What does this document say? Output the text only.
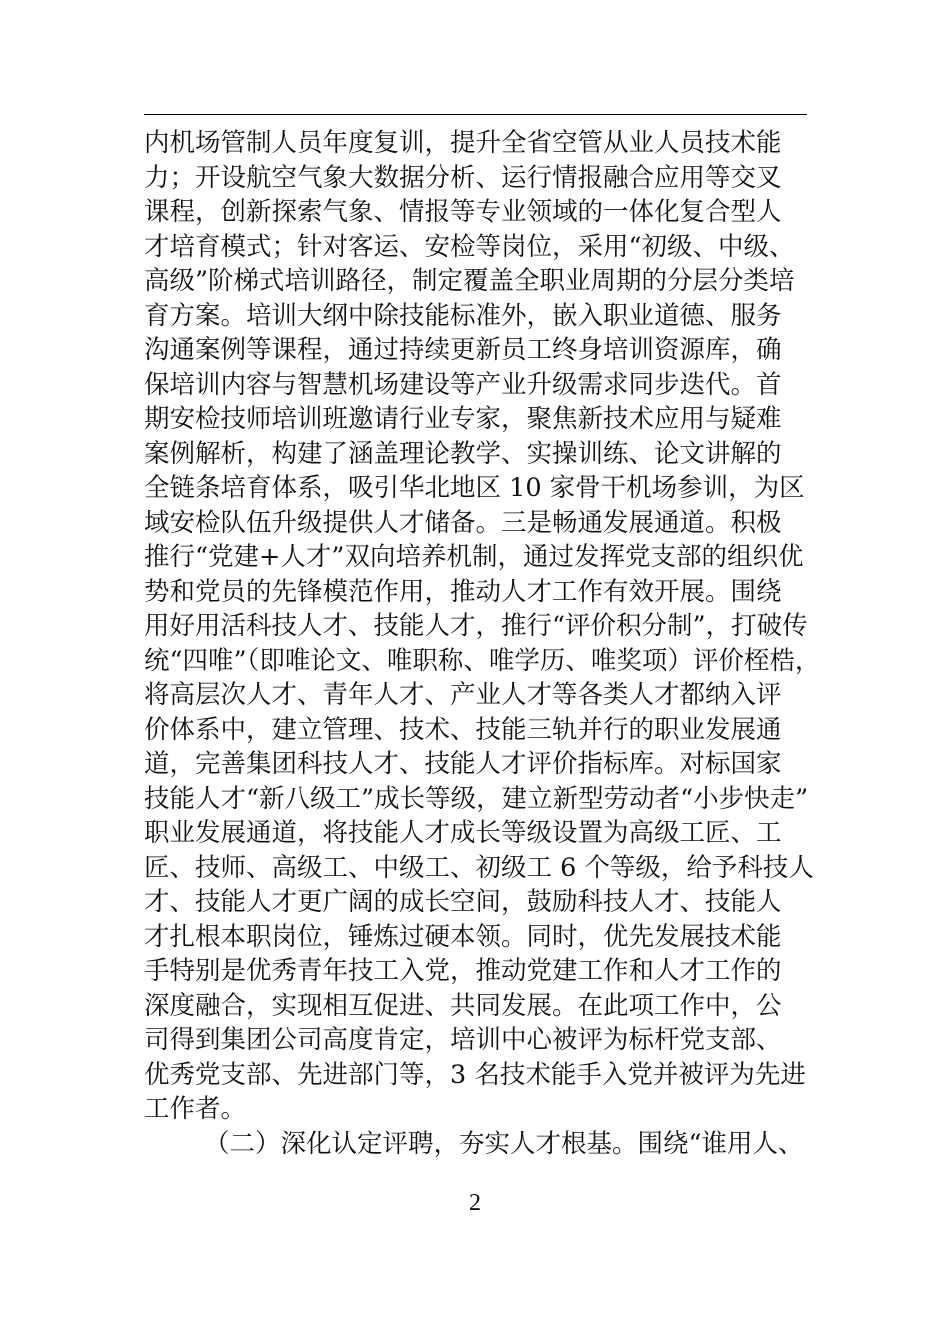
内机场管制人员年度复训，提升全省空管从业人员技术能
力；开设航空气象大数据分析、运行情报融合应用等交叉
课程，创新探索气象、情报等专业领域的一体化复合型人
才培育模式；针对客运、安检等岗位，采用“初级、中级、
高级”阶梯式培训路径，制定覆盖全职业周期的分层分类培
育方案。培训大纲中除技能标准外，嵌入职业道德、服务
沟通案例等课程，通过持续更新员工终身培训资源库，确
保培训内容与智慧机场建设等产业升级需求同步迭代。首
期安检技师培训班邀请行业专家，聚焦新技术应用与疑难
案例解析，构建了涵盖理论教学、实操训练、论文讲解的
全链条培育体系，吸引华北地区 10 家骨干机场参训，为区
域安检队伍升级提供人才储备。三是畅通发展通道。积极
推行“党建+人才”双向培养机制，通过发挥党支部的组织优
势和党员的先锋模范作用，推动人才工作有效开展。围绕
用好用活科技人才、技能人才，推行“评价积分制”，打破传
统“四唯”（即唯论文、唯职称、唯学历、唯奖项）评价桎梏，
将高层次人才、青年人才、产业人才等各类人才都纳入评
价体系中，建立管理、技术、技能三轨并行的职业发展通
道，完善集团科技人才、技能人才评价指标库。对标国家
技能人才“新八级工”成长等级，建立新型劳动者“小步快走”
职业发展通道，将技能人才成长等级设置为高级工匠、工
匠、技师、高级工、中级工、初级工 6 个等级，给予科技人
才、技能人才更广阔的成长空间，鼓励科技人才、技能人
才扎根本职岗位，锤炼过硬本领。同时，优先发展技术能
手特别是优秀青年技工入党，推动党建工作和人才工作的
深度融合，实现相互促进、共同发展。在此项工作中，公
司得到集团公司高度肯定，培训中心被评为标杆党支部、
优秀党支部、先进部门等，3 名技术能手入党并被评为先进
工作者。
（二）深化认定评聘，夯实人才根基。围绕“谁用人、
2
